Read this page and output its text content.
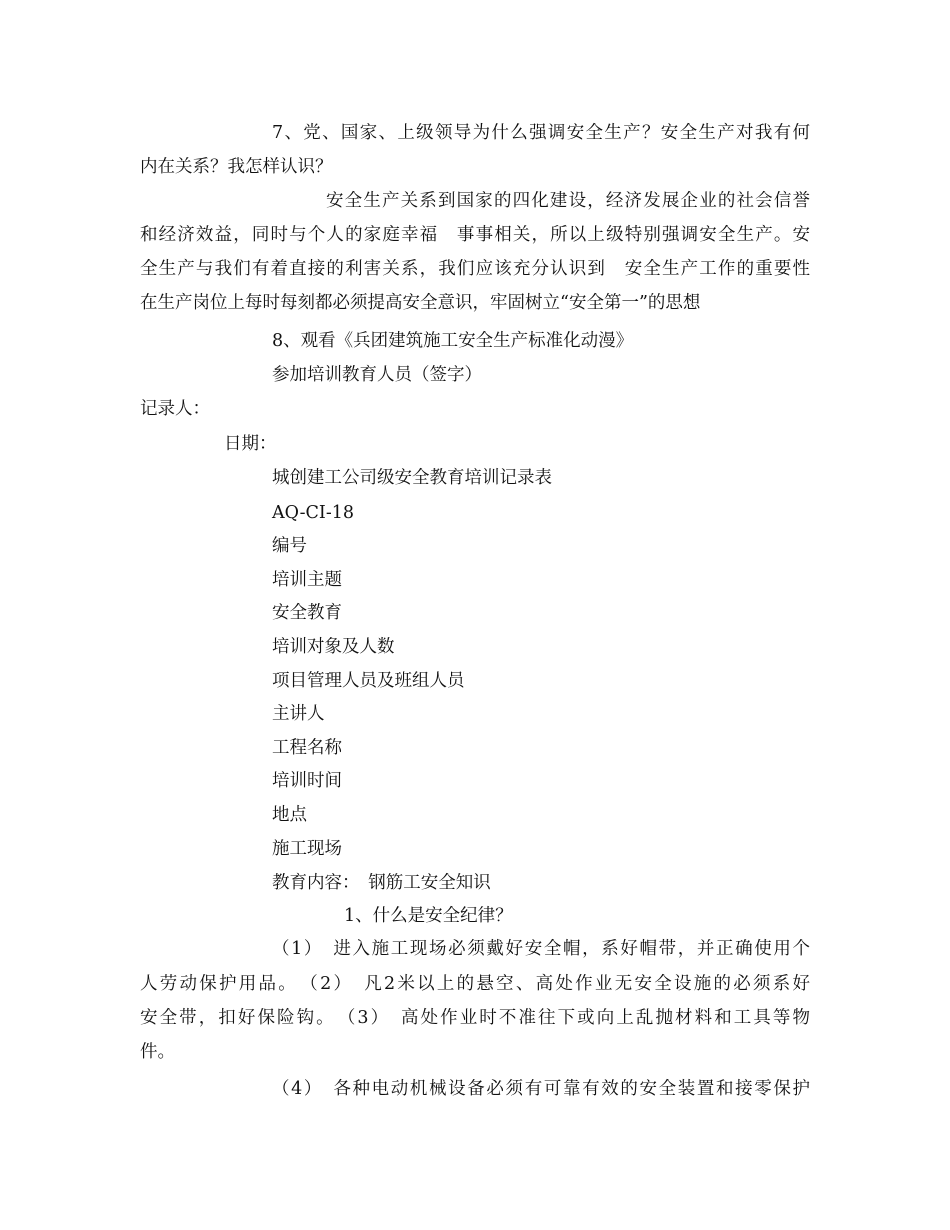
7、党、国家、上级领导为什么强调安全生产？安全生产对我有何
内在关系？我怎样认识？
安全生产关系到国家的四化建设，经济发展企业的社会信誉
和经济效益，同时与个人的家庭幸福　事事相关，所以上级特别强调安全生产。安
全生产与我们有着直接的利害关系，我们应该充分认识到　安全生产工作的重要性
在生产岗位上每时每刻都必须提高安全意识，牢固树立“安全第一”的思想
8、观看《兵团建筑施工安全生产标准化动漫》
参加培训教育人员（签字）
记录人：
日期：
城创建工公司级安全教育培训记录表
AQ-CI-18
编号
培训主题
安全教育
培训对象及人数
项目管理人员及班组人员
主讲人
工程名称
培训时间
地点
施工现场
教育内容：　钢筋工安全知识
1、什么是安全纪律？
（1）　进入施工现场必须戴好安全帽，系好帽带，并正确使用个
人劳动保护用品。　（2）　凡2米以上的悬空、高处作业无安全设施的必须系好
安全带，扣好保险钩。　（3）　高处作业时不准往下或向上乱抛材料和工具等物
件。
（4）　各种电动机械设备必须有可靠有效的安全装置和接零保护
